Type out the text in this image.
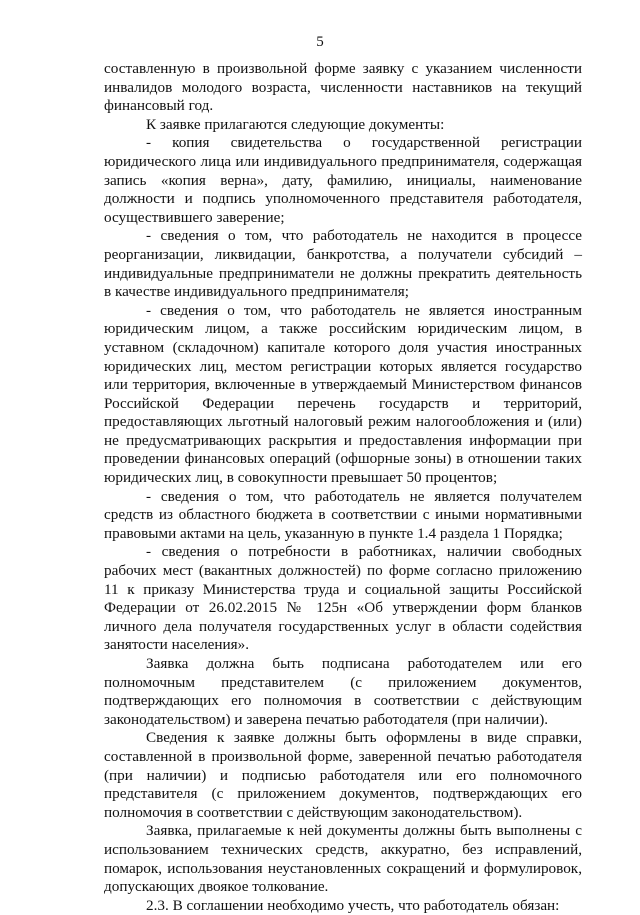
5

составленную в произвольной форме заявку с указанием численности инвалидов молодого возраста, численности наставников на текущий финансовый год.

К заявке прилагаются следующие документы:

- копия свидетельства о государственной регистрации юридического лица или индивидуального предпринимателя, содержащая запись «копия верна», дату, фамилию, инициалы, наименование должности и подпись уполномоченного представителя работодателя, осуществившего заверение;

- сведения о том, что работодатель не находится в процессе реорганизации, ликвидации, банкротства, а получатели субсидий – индивидуальные предприниматели не должны прекратить деятельность в качестве индивидуального предпринимателя;

- сведения о том, что работодатель не является иностранным юридическим лицом, а также российским юридическим лицом, в уставном (складочном) капитале которого доля участия иностранных юридических лиц, местом регистрации которых является государство или территория, включенные в утверждаемый Министерством финансов Российской Федерации перечень государств и территорий, предоставляющих льготный налоговый режим налогообложения и (или) не предусматривающих раскрытия и предоставления информации при проведении финансовых операций (офшорные зоны) в отношении таких юридических лиц, в совокупности превышает 50 процентов;

- сведения о том, что работодатель не является получателем средств из областного бюджета в соответствии с иными нормативными правовыми актами на цель, указанную в пункте 1.4 раздела 1 Порядка;

- сведения о потребности в работниках, наличии свободных рабочих мест (вакантных должностей) по форме согласно приложению 11 к приказу Министерства труда и социальной защиты Российской Федерации от 26.02.2015 № 125н «Об утверждении форм бланков личного дела получателя государственных услуг в области содействия занятости населения».

Заявка должна быть подписана работодателем или его полномочным представителем (с приложением документов, подтверждающих его полномочия в соответствии с действующим законодательством) и заверена печатью работодателя (при наличии).

Сведения к заявке должны быть оформлены в виде справки, составленной в произвольной форме, заверенной печатью работодателя (при наличии) и подписью работодателя или его полномочного представителя (с приложением документов, подтверждающих его полномочия в соответствии с действующим законодательством).

Заявка, прилагаемые к ней документы должны быть выполнены с использованием технических средств, аккуратно, без исправлений, помарок, использования неустановленных сокращений и формулировок, допускающих двоякое толкование.

2.3. В соглашении необходимо учесть, что работодатель обязан:
